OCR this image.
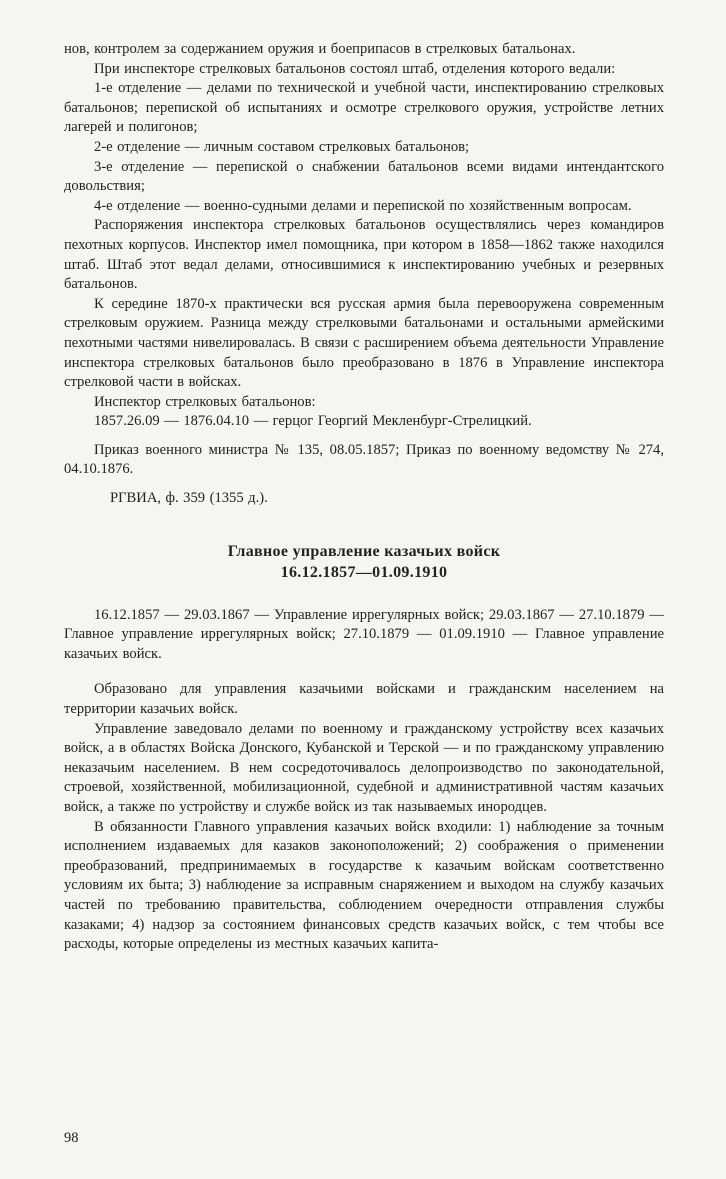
нов, контролем за содержанием оружия и боеприпасов в стрелковых батальонах.

При инспекторе стрелковых батальонов состоял штаб, отделения которого ведали:

1-е отделение — делами по технической и учебной части, инспектированию стрелковых батальонов; перепиской об испытаниях и осмотре стрелкового оружия, устройстве летних лагерей и полигонов;

2-е отделение — личным составом стрелковых батальонов;

3-е отделение — перепиской о снабжении батальонов всеми видами интендантского довольствия;

4-е отделение — военно-судными делами и перепиской по хозяйственным вопросам.

Распоряжения инспектора стрелковых батальонов осуществлялись через командиров пехотных корпусов. Инспектор имел помощника, при котором в 1858—1862 также находился штаб. Штаб этот ведал делами, относившимися к инспектированию учебных и резервных батальонов.

К середине 1870-х практически вся русская армия была перевооружена современным стрелковым оружием. Разница между стрелковыми батальонами и остальными армейскими пехотными частями нивелировалась. В связи с расширением объема деятельности Управление инспектора стрелковых батальонов было преобразовано в 1876 в Управление инспектора стрелковой части в войсках.

Инспектор стрелковых батальонов:

1857.26.09 — 1876.04.10 — герцог Георгий Мекленбург-Стрелицкий.

Приказ военного министра № 135, 08.05.1857; Приказ по военному ведомству № 274, 04.10.1876.

РГВИА, ф. 359 (1355 д.).

Главное управление казачьих войск
16.12.1857—01.09.1910

16.12.1857 — 29.03.1867 — Управление иррегулярных войск; 29.03.1867 — 27.10.1879 — Главное управление иррегулярных войск; 27.10.1879 — 01.09.1910 — Главное управление казачьих войск.

Образовано для управления казачьими войсками и гражданским населением на территории казачьих войск.

Управление заведовало делами по военному и гражданскому устройству всех казачьих войск, а в областях Войска Донского, Кубанской и Терской — и по гражданскому управлению неказачьим населением. В нем сосредоточивалось делопроизводство по законодательной, строевой, хозяйственной, мобилизационной, судебной и административной частям казачьих войск, а также по устройству и службе войск из так называемых инородцев.

В обязанности Главного управления казачьих войск входили: 1) наблюдение за точным исполнением издаваемых для казаков законоположений; 2) соображения о применении преобразований, предпринимаемых в государстве к казачьим войскам соответственно условиям их быта; 3) наблюдение за исправным снаряжением и выходом на службу казачьих частей по требованию правительства, соблюдением очередности отправления службы казаками; 4) надзор за состоянием финансовых средств казачьих войск, с тем чтобы все расходы, которые определены из местных казачьих капита-

98
